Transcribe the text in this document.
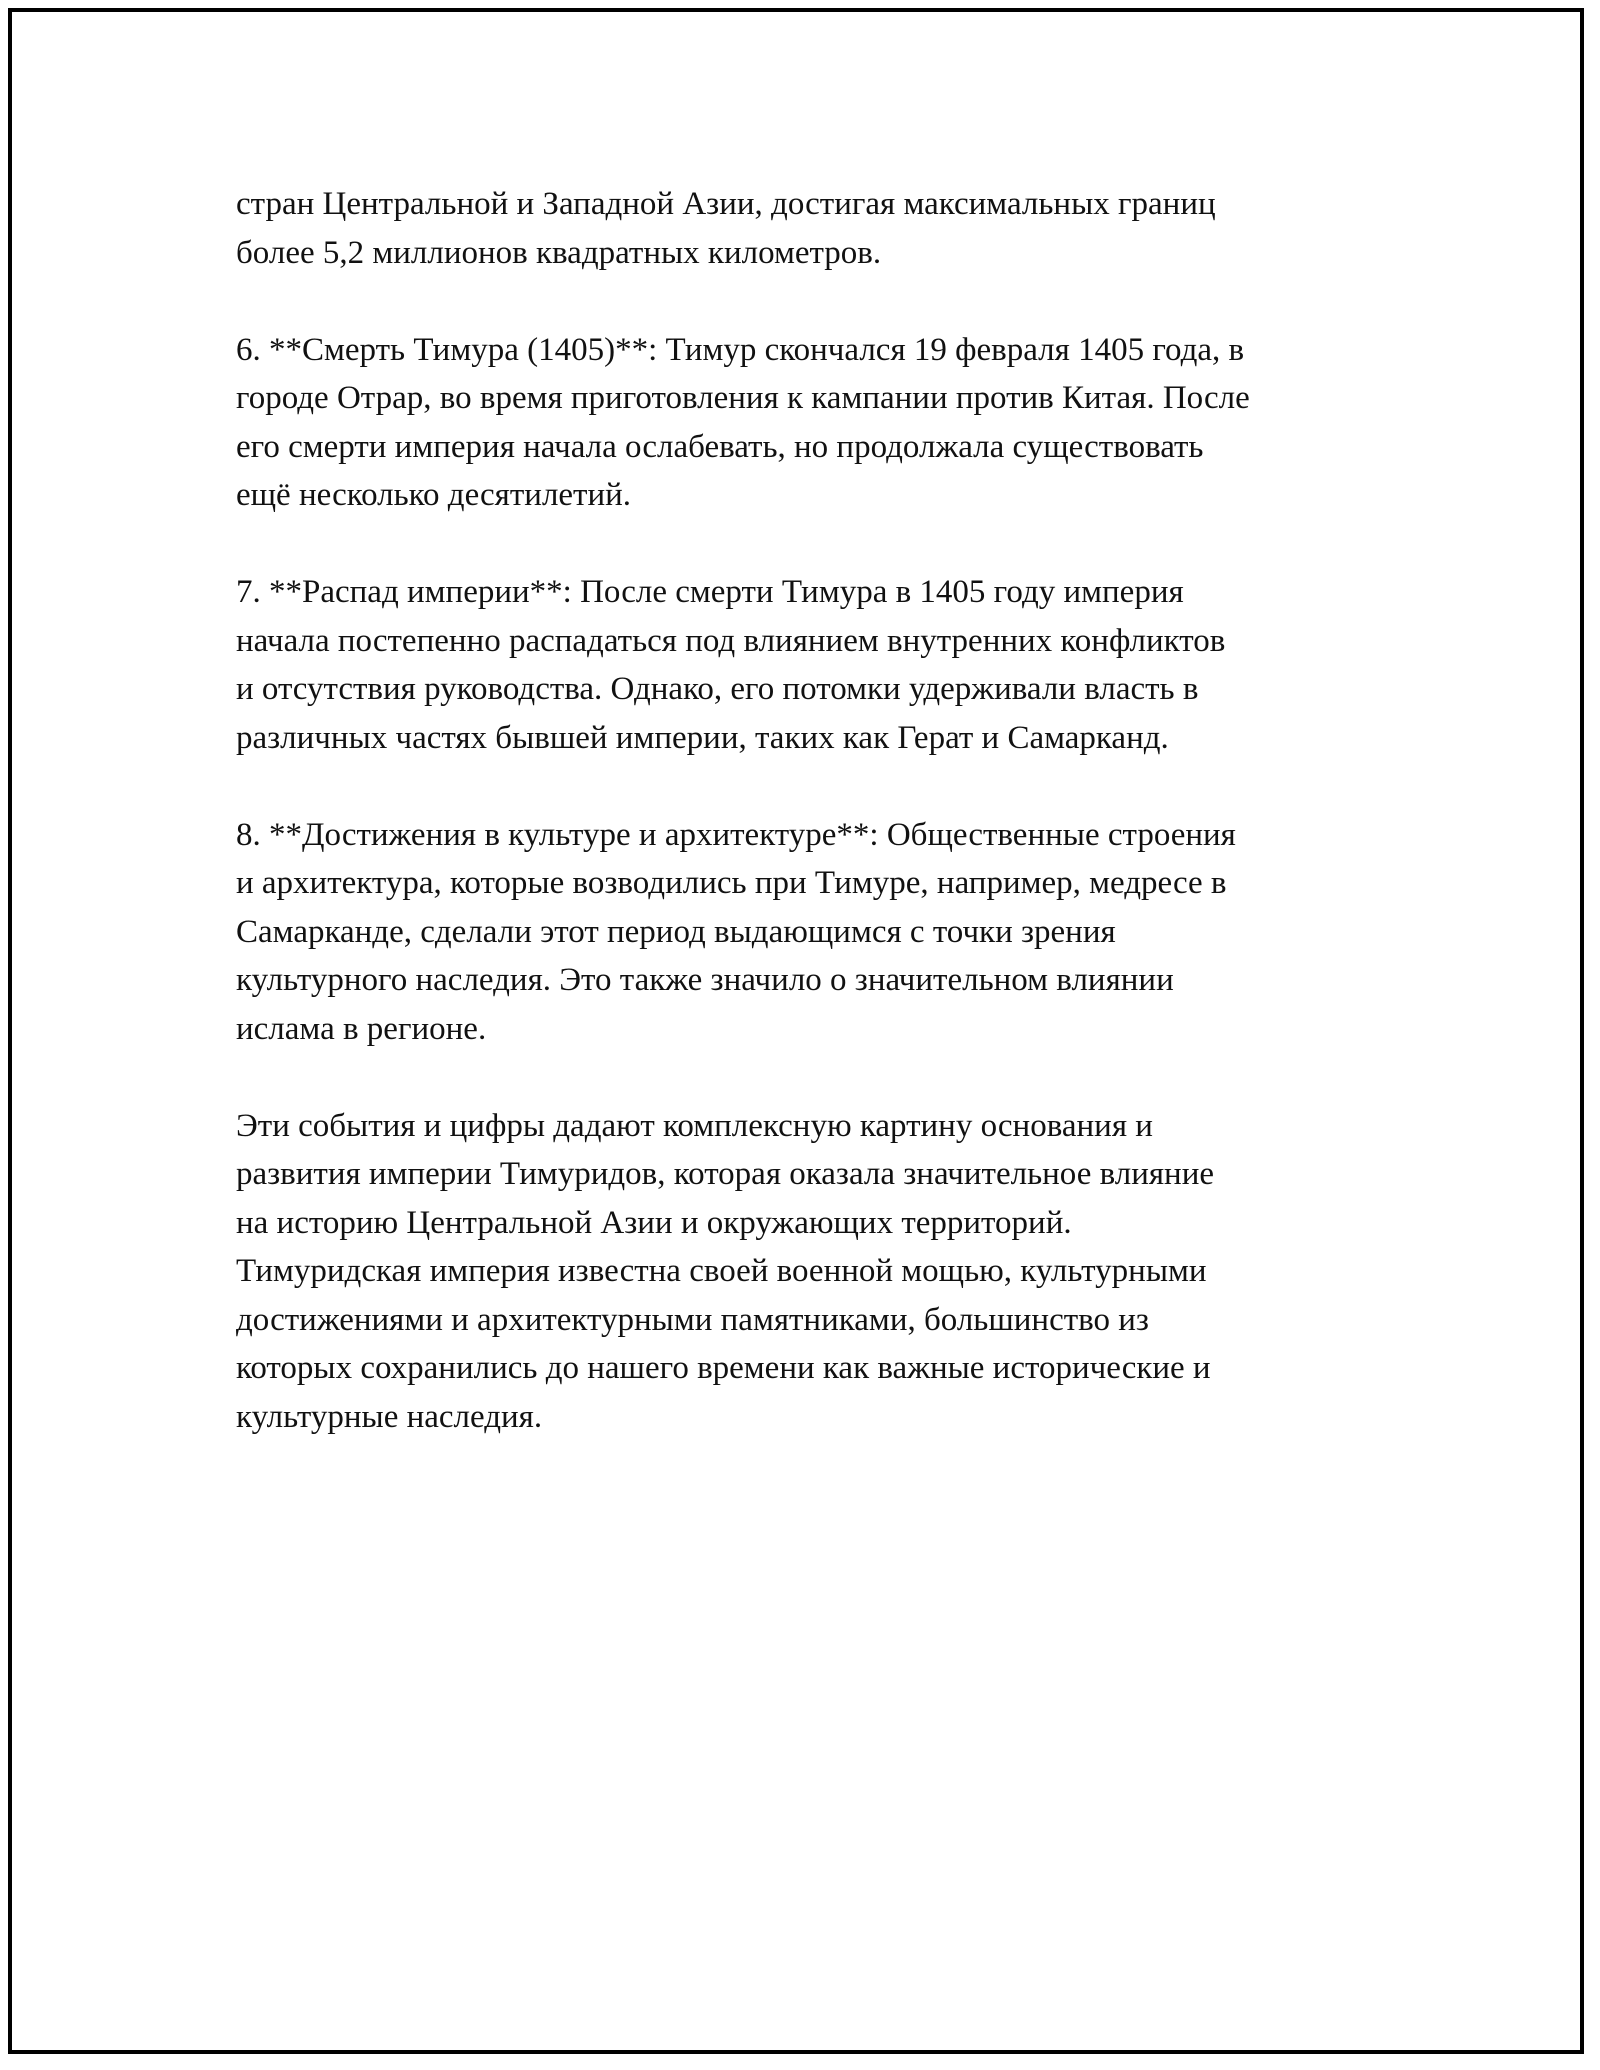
стран Центральной и Западной Азии, достигая максимальных границ
более 5,2 миллионов квадратных километров.

6. **Смерть Тимура (1405)**: Тимур скончался 19 февраля 1405 года, в
городе Отрар, во время приготовления к кампании против Китая. После
его смерти империя начала ослабевать, но продолжала существовать
ещё несколько десятилетий.

7. **Распад империи**: После смерти Тимура в 1405 году империя
начала постепенно распадаться под влиянием внутренних конфликтов
и отсутствия руководства. Однако, его потомки удерживали власть в
различных частях бывшей империи, таких как Герат и Самарканд.

8. **Достижения в культуре и архитектуре**: Общественные строения
и архитектура, которые возводились при Тимуре, например, медресе в
Самарканде, сделали этот период выдающимся с точки зрения
культурного наследия. Это также значило о значительном влиянии
ислама в регионе.

Эти события и цифры дадают комплексную картину основания и
развития империи Тимуридов, которая оказала значительное влияние
на историю Центральной Азии и окружающих территорий.
Тимуридская империя известна своей военной мощью, культурными
достижениями и архитектурными памятниками, большинство из
которых сохранились до нашего времени как важные исторические и
культурные наследия.
